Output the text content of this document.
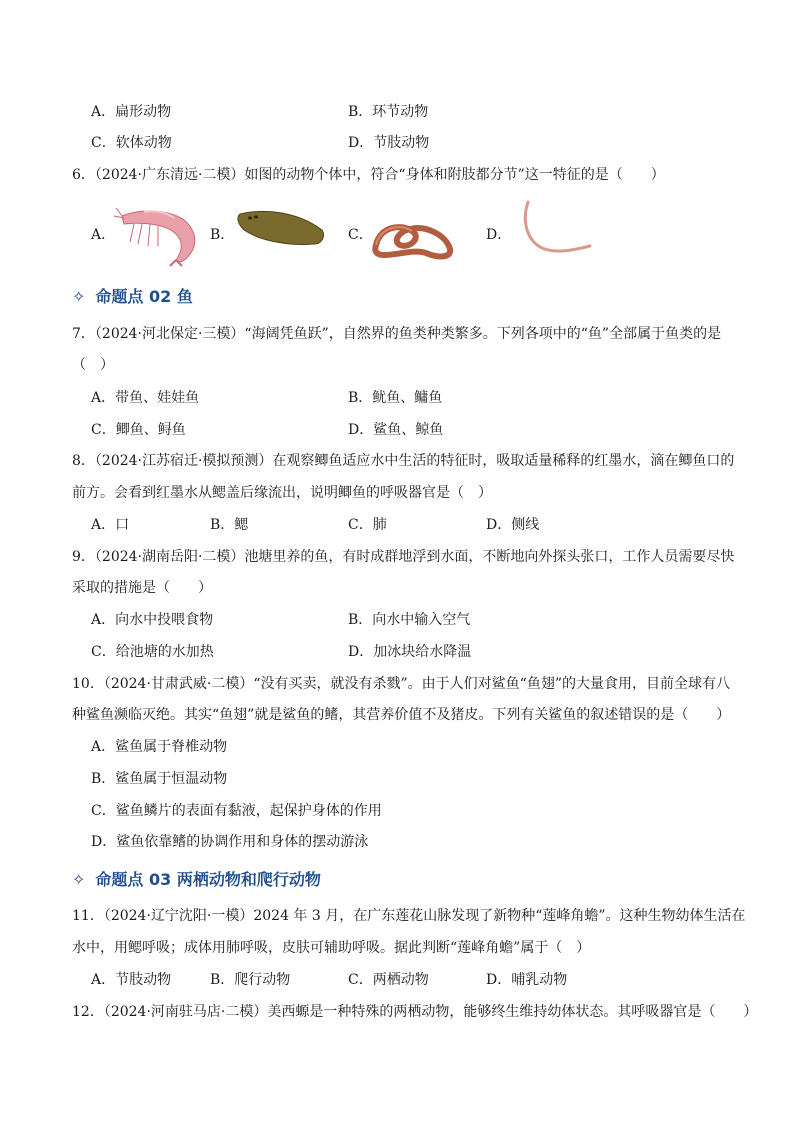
A．扁形动物	B．环节动物
C．软体动物	D．节肢动物
6．（2024·广东清远·二模）如图的动物个体中，符合“身体和附肢都分节”这一特征的是（　　）
A．	B．	C．	D．
✧ 命题点 02 鱼
7．（2024·河北保定·三模）“海阔凭鱼跃”，自然界的鱼类种类繁多。下列各项中的“鱼”全部属于鱼类的是
（　）
A．带鱼、娃娃鱼	B．鱿鱼、鳙鱼
C．鲫鱼、鲟鱼	D．鲨鱼、鲸鱼
8．（2024·江苏宿迁·模拟预测）在观察鲫鱼适应水中生活的特征时，吸取适量稀释的红墨水，滴在鲫鱼口的
前方。会看到红墨水从鳃盖后缘流出，说明鲫鱼的呼吸器官是（　）
A．口	B．鳃	C．肺	D．侧线
9．（2024·湖南岳阳·二模）池塘里养的鱼，有时成群地浮到水面，不断地向外探头张口，工作人员需要尽快
采取的措施是（　　）
A．向水中投喂食物	B．向水中输入空气
C．给池塘的水加热	D．加冰块给水降温
10．（2024·甘肃武威·二模）“没有买卖，就没有杀戮”。由于人们对鲨鱼“鱼翅”的大量食用，目前全球有八
种鲨鱼濒临灭绝。其实“鱼翅”就是鲨鱼的鳍，其营养价值不及猪皮。下列有关鲨鱼的叙述错误的是（　　）
A．鲨鱼属于脊椎动物
B．鲨鱼属于恒温动物
C．鲨鱼鳞片的表面有黏液，起保护身体的作用
D．鲨鱼依靠鳍的协调作用和身体的摆动游泳
✧ 命题点 03 两栖动物和爬行动物
11．（2024·辽宁沈阳·一模）2024 年 3 月，在广东莲花山脉发现了新物种“莲峰角蟾”。这种生物幼体生活在
水中，用鳃呼吸；成体用肺呼吸，皮肤可辅助呼吸。据此判断“莲峰角蟾”属于（　）
A．节肢动物	B．爬行动物	C．两栖动物	D．哺乳动物
12．（2024·河南驻马店·二模）美西螈是一种特殊的两栖动物，能够终生维持幼体状态。其呼吸器官是（　　）
